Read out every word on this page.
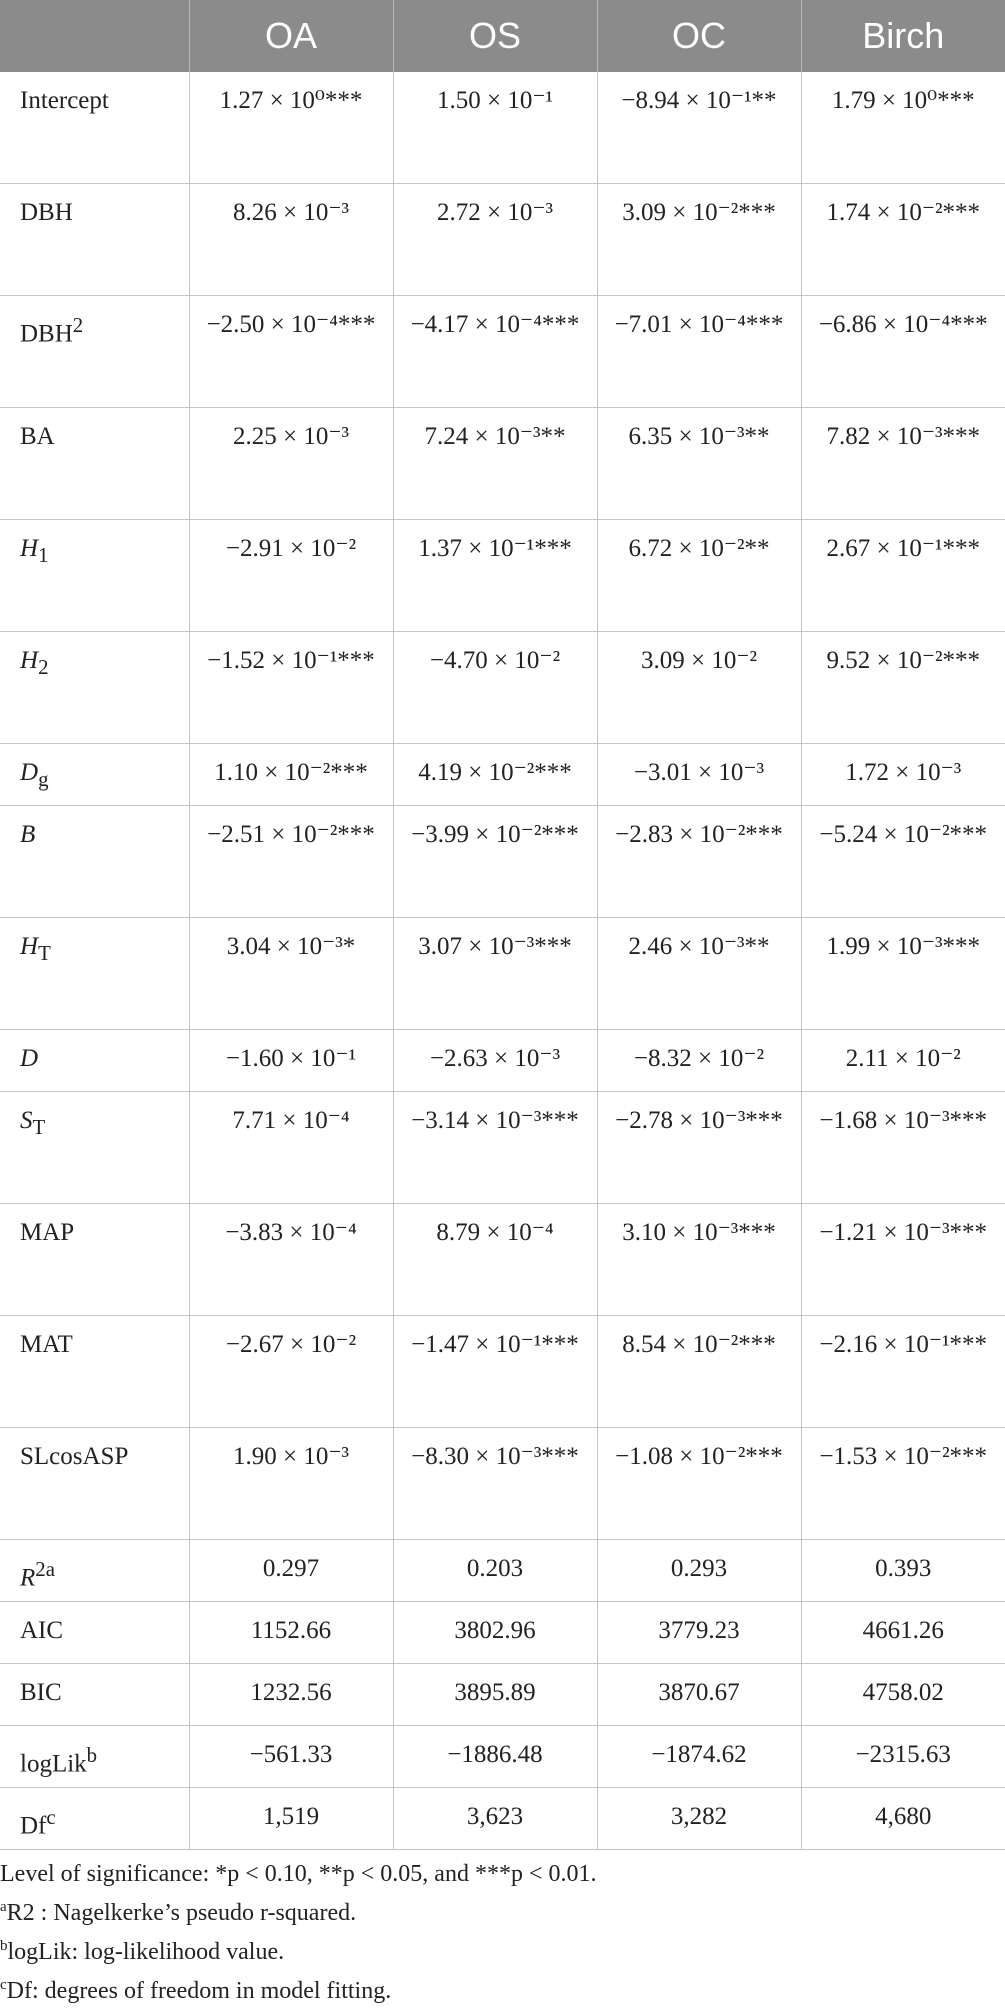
	OA	OS	OC	Birch
Intercept	1.27 × 10⁰***	1.50 × 10⁻¹	−8.94 × 10⁻¹**	1.79 × 10⁰***
DBH	8.26 × 10⁻³	2.72 × 10⁻³	3.09 × 10⁻²***	1.74 × 10⁻²***
$DBH^2$	−2.50 × 10⁻⁴***	−4.17 × 10⁻⁴***	−7.01 × 10⁻⁴***	−6.86 × 10⁻⁴***
BA	2.25 × 10⁻³	7.24 × 10⁻³**	6.35 × 10⁻³**	7.82 × 10⁻³***
$H_1$	−2.91 × 10⁻²	1.37 × 10⁻¹***	6.72 × 10⁻²**	2.67 × 10⁻¹***
$H_2$	−1.52 × 10⁻¹***	−4.70 × 10⁻²	3.09 × 10⁻²	9.52 × 10⁻²***
$D_g$	1.10 × 10⁻²***	4.19 × 10⁻²***	−3.01 × 10⁻³	1.72 × 10⁻³
B	−2.51 × 10⁻²***	−3.99 × 10⁻²***	−2.83 × 10⁻²***	−5.24 × 10⁻²***
$H_T$	3.04 × 10⁻³*	3.07 × 10⁻³***	2.46 × 10⁻³**	1.99 × 10⁻³***
D	−1.60 × 10⁻¹	−2.63 × 10⁻³	−8.32 × 10⁻²	2.11 × 10⁻²
$S_T$	7.71 × 10⁻⁴	−3.14 × 10⁻³***	−2.78 × 10⁻³***	−1.68 × 10⁻³***
MAP	−3.83 × 10⁻⁴	8.79 × 10⁻⁴	3.10 × 10⁻³***	−1.21 × 10⁻³***
MAT	−2.67 × 10⁻²	−1.47 × 10⁻¹***	8.54 × 10⁻²***	−2.16 × 10⁻¹***
SLcosASP	1.90 × 10⁻³	−8.30 × 10⁻³***	−1.08 × 10⁻²***	−1.53 × 10⁻²***
$R^{2a}$	0.297	0.203	0.293	0.393
AIC	1152.66	3802.96	3779.23	4661.26
BIC	1232.56	3895.89	3870.67	4758.02
logLik$^b$	−561.33	−1886.48	−1874.62	−2315.63
Df$^c$	1,519	3,623	3,282	4,680

Level of significance: *p < 0.10, **p < 0.05, and ***p < 0.01.

$^a$R2 : Nagelkerke’s pseudo r-squared.

$^b$logLik: log-likelihood value.

$^c$Df: degrees of freedom in model fitting.
